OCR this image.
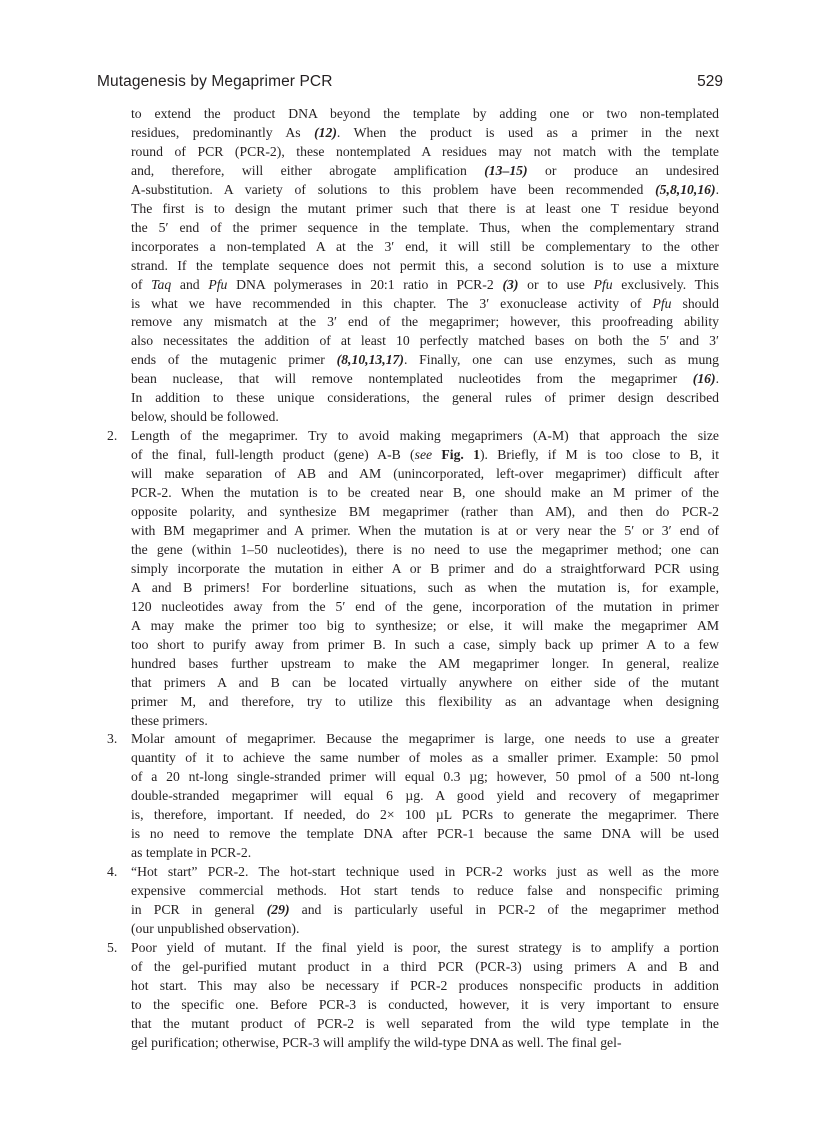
Mutagenesis by Megaprimer PCR	529
to extend the product DNA beyond the template by adding one or two non-templated
residues, predominantly As (12). When the product is used as a primer in the next
round of PCR (PCR-2), these nontemplated A residues may not match with the template
and, therefore, will either abrogate amplification (13–15) or produce an undesired
A-substitution. A variety of solutions to this problem have been recommended (5,8,10,16).
The first is to design the mutant primer such that there is at least one T residue beyond
the 5′ end of the primer sequence in the template. Thus, when the complementary strand
incorporates a non-templated A at the 3′ end, it will still be complementary to the other
strand. If the template sequence does not permit this, a second solution is to use a mixture
of Taq and Pfu DNA polymerases in 20:1 ratio in PCR-2 (3) or to use Pfu exclusively. This
is what we have recommended in this chapter. The 3′ exonuclease activity of Pfu should
remove any mismatch at the 3′ end of the megaprimer; however, this proofreading ability
also necessitates the addition of at least 10 perfectly matched bases on both the 5′ and 3′
ends of the mutagenic primer (8,10,13,17). Finally, one can use enzymes, such as mung
bean nuclease, that will remove nontemplated nucleotides from the megaprimer (16).
In addition to these unique considerations, the general rules of primer design described
below, should be followed.
2. Length of the megaprimer. Try to avoid making megaprimers (A-M) that approach the size
of the final, full-length product (gene) A-B (see Fig. 1). Briefly, if M is too close to B, it
will make separation of AB and AM (unincorporated, left-over megaprimer) difficult after
PCR-2. When the mutation is to be created near B, one should make an M primer of the
opposite polarity, and synthesize BM megaprimer (rather than AM), and then do PCR-2
with BM megaprimer and A primer. When the mutation is at or very near the 5′ or 3′ end of
the gene (within 1–50 nucleotides), there is no need to use the megaprimer method; one can
simply incorporate the mutation in either A or B primer and do a straightforward PCR using
A and B primers! For borderline situations, such as when the mutation is, for example,
120 nucleotides away from the 5′ end of the gene, incorporation of the mutation in primer
A may make the primer too big to synthesize; or else, it will make the megaprimer AM
too short to purify away from primer B. In such a case, simply back up primer A to a few
hundred bases further upstream to make the AM megaprimer longer. In general, realize
that primers A and B can be located virtually anywhere on either side of the mutant
primer M, and therefore, try to utilize this flexibility as an advantage when designing
these primers.
3. Molar amount of megaprimer. Because the megaprimer is large, one needs to use a greater
quantity of it to achieve the same number of moles as a smaller primer. Example: 50 pmol
of a 20 nt-long single-stranded primer will equal 0.3 µg; however, 50 pmol of a 500 nt-long
double-stranded megaprimer will equal 6 µg. A good yield and recovery of megaprimer
is, therefore, important. If needed, do 2× 100 µL PCRs to generate the megaprimer. There
is no need to remove the template DNA after PCR-1 because the same DNA will be used
as template in PCR-2.
4. “Hot start” PCR-2. The hot-start technique used in PCR-2 works just as well as the more
expensive commercial methods. Hot start tends to reduce false and nonspecific priming
in PCR in general (29) and is particularly useful in PCR-2 of the megaprimer method
(our unpublished observation).
5. Poor yield of mutant. If the final yield is poor, the surest strategy is to amplify a portion
of the gel-purified mutant product in a third PCR (PCR-3) using primers A and B and
hot start. This may also be necessary if PCR-2 produces nonspecific products in addition
to the specific one. Before PCR-3 is conducted, however, it is very important to ensure
that the mutant product of PCR-2 is well separated from the wild type template in the
gel purification; otherwise, PCR-3 will amplify the wild-type DNA as well. The final gel-
